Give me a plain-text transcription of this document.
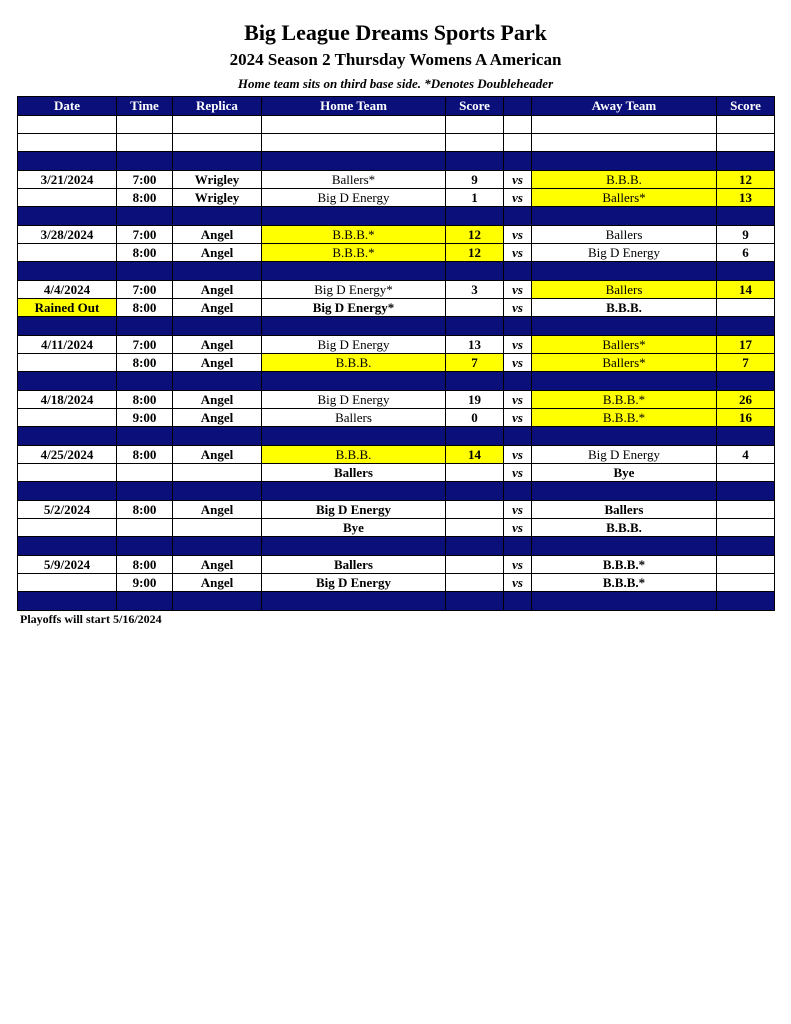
Big League Dreams Sports Park
2024 Season 2 Thursday Womens A American
Home team sits on third base side. *Denotes Doubleheader
Date	Time	Replica	Home Team	Score		Away Team	Score

3/21/2024	7:00	Wrigley	Ballers*	9	vs	B.B.B.	12
	8:00	Wrigley	Big D Energy	1	vs	Ballers*	13

3/28/2024	7:00	Angel	B.B.B.*	12	vs	Ballers	9
	8:00	Angel	B.B.B.*	12	vs	Big D Energy	6

4/4/2024	7:00	Angel	Big D Energy*	3	vs	Ballers	14
Rained Out	8:00	Angel	Big D Energy*		vs	B.B.B.	

4/11/2024	7:00	Angel	Big D Energy	13	vs	Ballers*	17
	8:00	Angel	B.B.B.	7	vs	Ballers*	7

4/18/2024	8:00	Angel	Big D Energy	19	vs	B.B.B.*	26
	9:00	Angel	Ballers	0	vs	B.B.B.*	16

4/25/2024	8:00	Angel	B.B.B.	14	vs	Big D Energy	4
			Ballers		vs	Bye	

5/2/2024	8:00	Angel	Big D Energy		vs	Ballers	
			Bye		vs	B.B.B.	

5/9/2024	8:00	Angel	Ballers		vs	B.B.B.*	
	9:00	Angel	Big D Energy		vs	B.B.B.*	

Playoffs will start 5/16/2024
